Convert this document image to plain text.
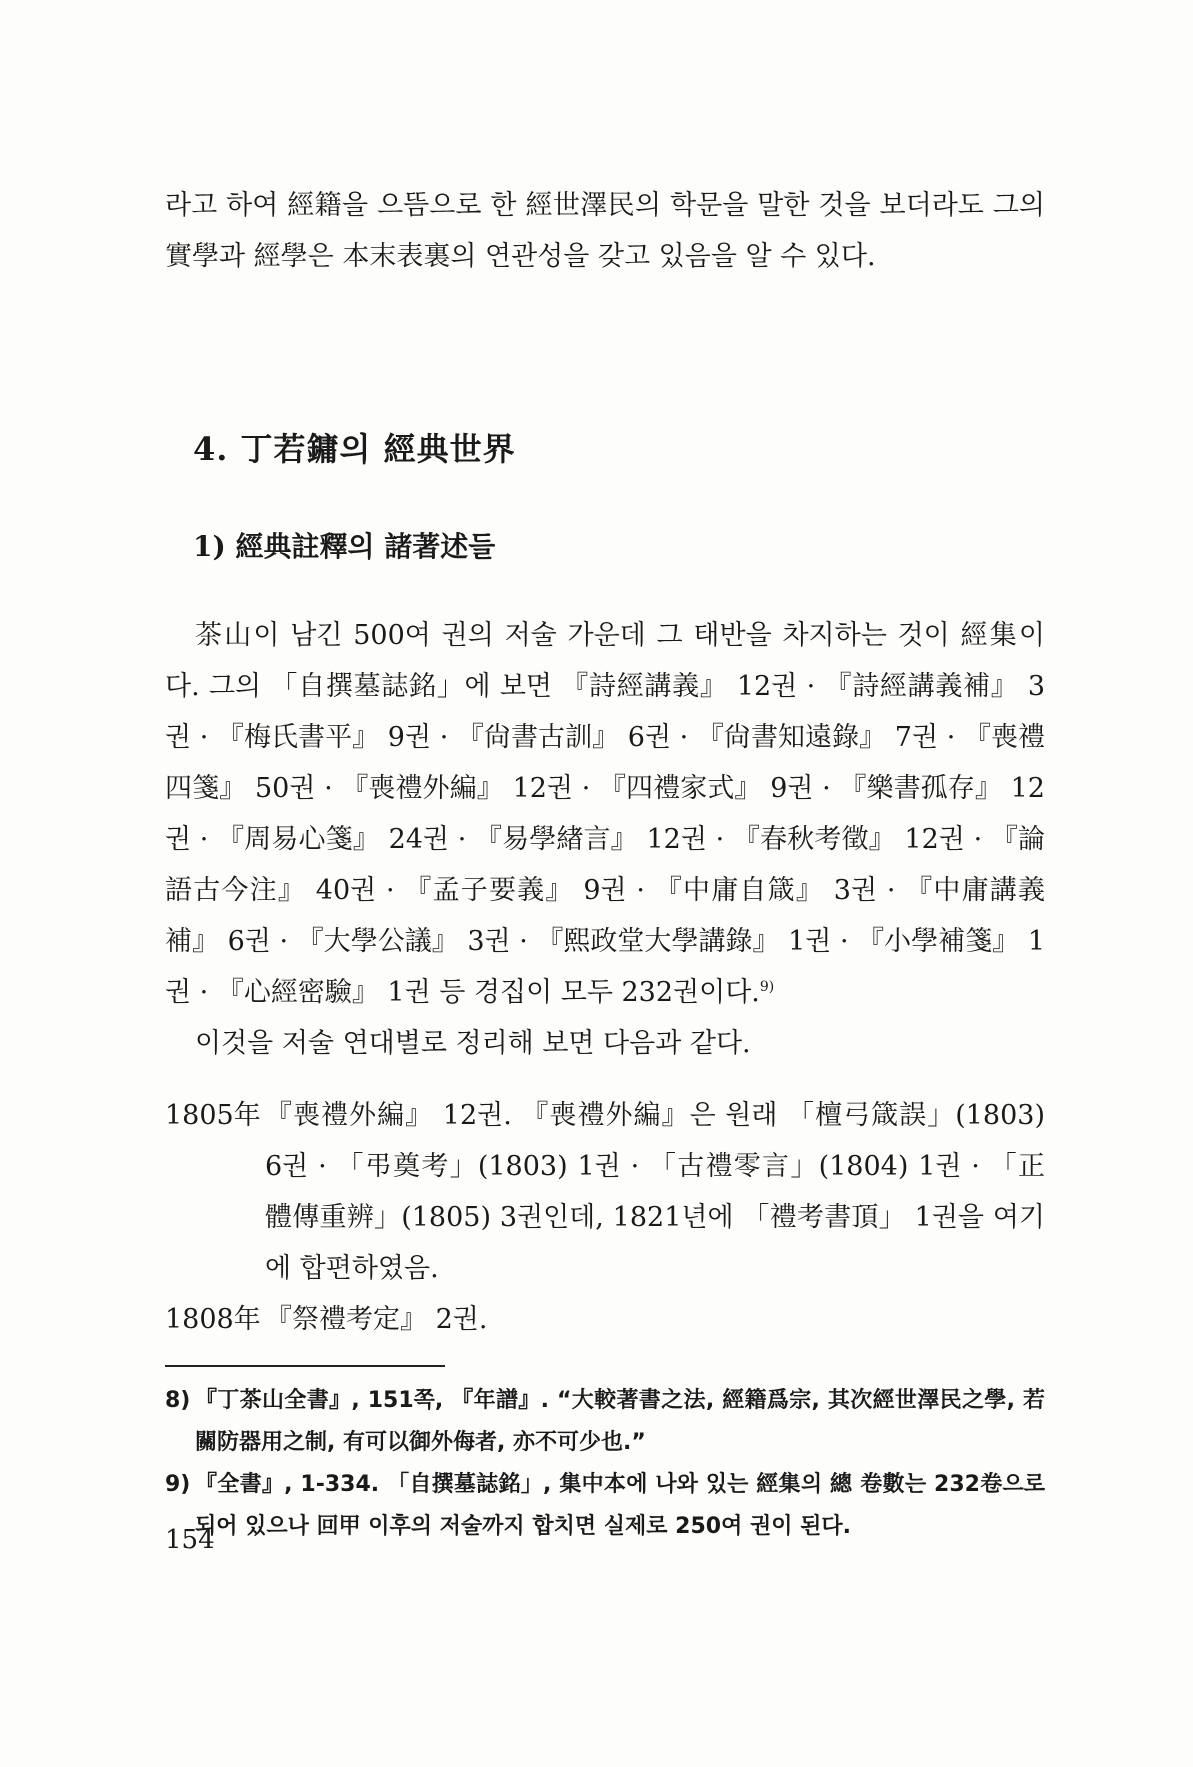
라고 하여 經籍을 으뜸으로 한 經世澤民의 학문을 말한 것을 보더라도 그의 實學과 經學은 本末表裏의 연관성을 갖고 있음을 알 수 있다.

4. 丁若鏞의 經典世界
1) 經典註釋의 諸著述들

茶山이 남긴 500여 권의 저술 가운데 그 태반을 차지하는 것이 經集이다. 그의 「自撰墓誌銘」에 보면 『詩經講義』 12권 · 『詩經講義補』 3권 · 『梅氏書平』 9권 · 『尙書古訓』 6권 · 『尙書知遠錄』 7권 · 『喪禮四箋』 50권 · 『喪禮外編』 12권 · 『四禮家式』 9권 · 『樂書孤存』 12권 · 『周易心箋』 24권 · 『易學緖言』 12권 · 『春秋考徵』 12권 · 『論語古今注』 40권 · 『孟子要義』 9권 · 『中庸自箴』 3권 · 『中庸講義補』 6권 · 『大學公議』 3권 · 『熙政堂大學講錄』 1권 · 『小學補箋』 1권 · 『心經密驗』 1권 등 경집이 모두 232권이다.$^{9)}$

이것을 저술 연대별로 정리해 보면 다음과 같다.

1805年 『喪禮外編』 12권. 『喪禮外編』은 원래 「檀弓箴誤」(1803) 6권 · 「弔奠考」(1803) 1권 · 「古禮零言」(1804) 1권 · 「正體傳重辨」(1805) 3권인데, 1821년에 「禮考書頂」 1권을 여기에 합편하였음.
1808年 『祭禮考定』 2권.
8) 『丁茶山全書』, 151쪽, 『年譜』. “大較著書之法, 經籍爲宗, 其次經世澤民之學, 若關防器用之制, 有可以御外侮者, 亦不可少也.”
9) 『全書』, 1-334. 「自撰墓誌銘」, 集中本에 나와 있는 經集의 總 卷數는 232卷으로 되어 있으나 回甲 이후의 저술까지 합치면 실제로 250여 권이 된다.
154
